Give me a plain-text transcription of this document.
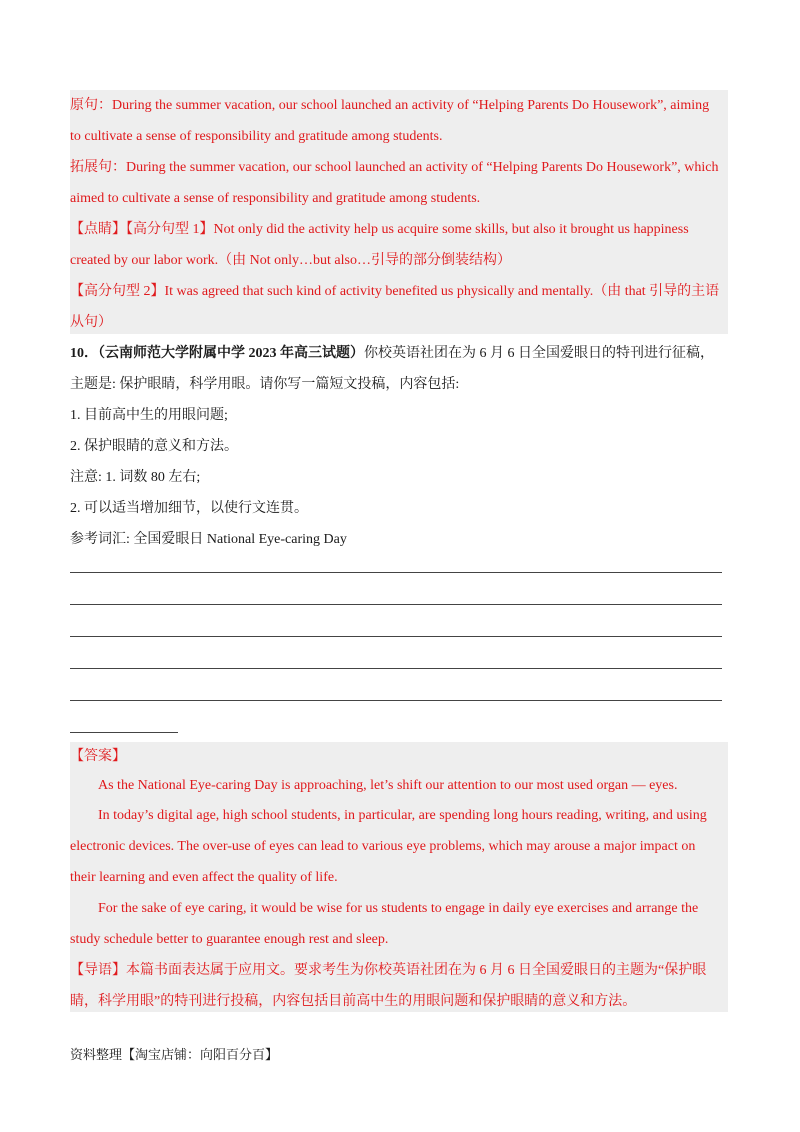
原句：During the summer vacation, our school launched an activity of “Helping Parents Do Housework”, aiming
to cultivate a sense of responsibility and gratitude among students.
拓展句：During the summer vacation, our school launched an activity of “Helping Parents Do Housework”, which
aimed to cultivate a sense of responsibility and gratitude among students.
【点睛】【高分句型 1】Not only did the activity help us acquire some skills, but also it brought us happiness
created by our labor work.（由 Not only…but also…引导的部分倒装结构）
【高分句型 2】It was agreed that such kind of activity benefited us physically and mentally.（由 that 引导的主语
从句）
10．（云南师范大学附属中学 2023 年高三试题）你校英语社团在为 6 月 6 日全国爱眼日的特刊进行征稿，
主题是: 保护眼睛，科学用眼。请你写一篇短文投稿，内容包括:
1. 目前高中生的用眼问题;
2. 保护眼睛的意义和方法。
注意: 1. 词数 80 左右;
2. 可以适当增加细节，以使行文连贯。
参考词汇: 全国爱眼日 National Eye-caring Day
【答案】
As the National Eye-caring Day is approaching, let’s shift our attention to our most used organ — eyes.
In today’s digital age, high school students, in particular, are spending long hours reading, writing, and using
electronic devices. The over-use of eyes can lead to various eye problems, which may arouse a major impact on
their learning and even affect the quality of life.
For the sake of eye caring, it would be wise for us students to engage in daily eye exercises and arrange the
study schedule better to guarantee enough rest and sleep.
【导语】本篇书面表达属于应用文。要求考生为你校英语社团在为 6 月 6 日全国爱眼日的主题为“保护眼
睛，科学用眼”的特刊进行投稿，内容包括目前高中生的用眼问题和保护眼睛的意义和方法。
资料整理【淘宝店铺：向阳百分百】
